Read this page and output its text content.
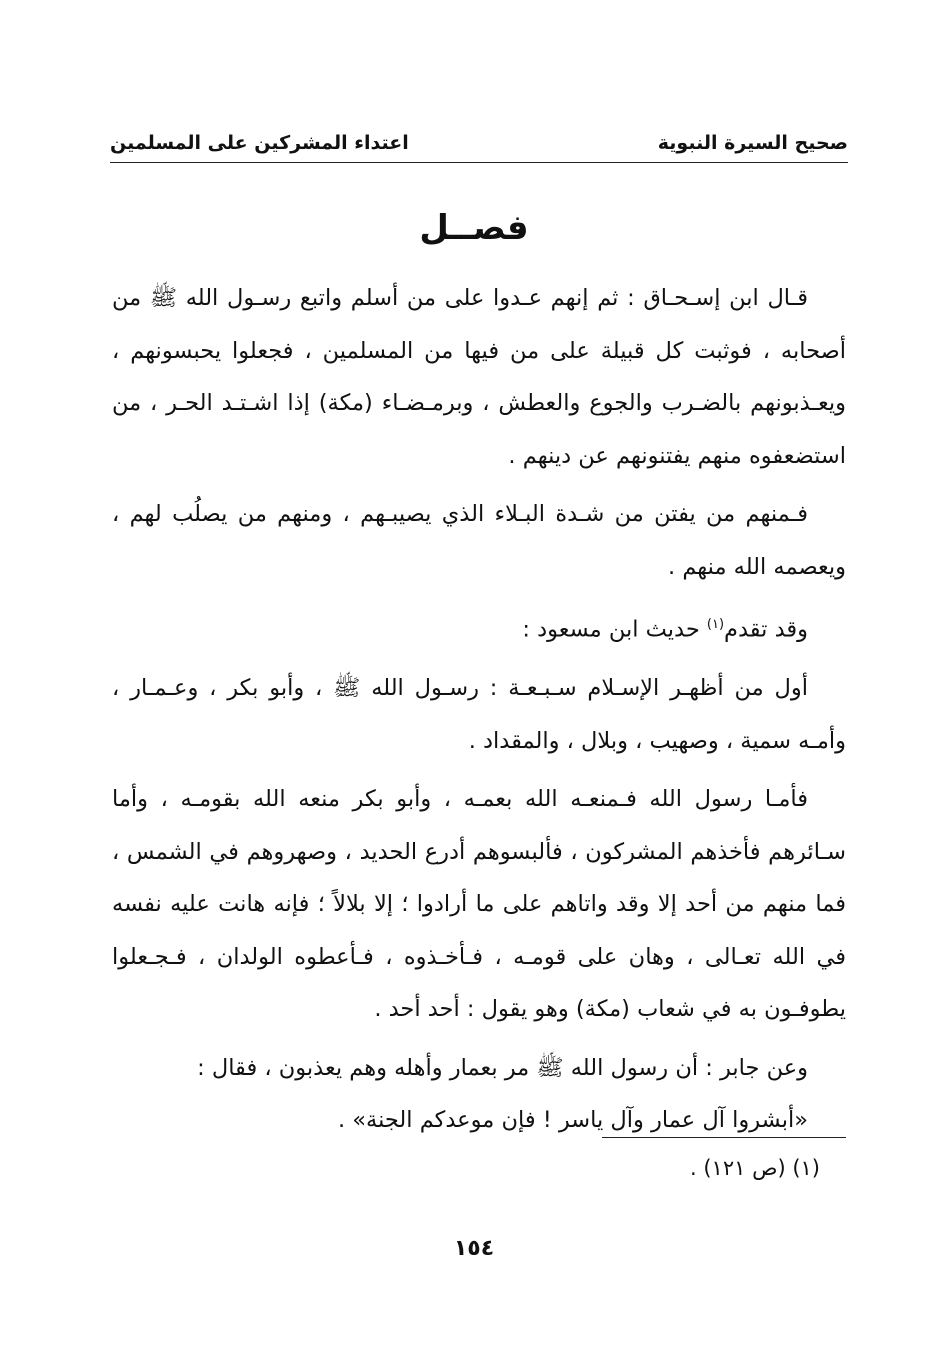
صحيح السيرة النبوية
اعتداء المشركين على المسلمين
فصــل

قـال ابن إسـحـاق : ثم إنهم عـدوا على من أسلم واتبع رسـول الله ﷺ من أصحابه ، فوثبت كل قبيلة على من فيها من المسلمين ، فجعلوا يحبسونهم ، ويعـذبونهم بالضـرب والجوع والعطش ، وبرمـضـاء (مكة) إذا اشـتـد الحـر ، من استضعفوه منهم يفتنونهم عن دينهم .

فـمنهم من يفتن من شـدة البـلاء الذي يصيبـهم ، ومنهم من يصلُب لهم ، ويعصمه الله منهم .

وقد تقدم$^{(١)}$ حديث ابن مسعود :

أول من أظهـر الإسـلام سـبـعـة : رسـول الله ﷺ ، وأبو بكر ، وعـمـار ، وأمـه سمية ، وصهيب ، وبلال ، والمقداد .

فأمـا رسول الله فـمنعـه الله بعمـه ، وأبو بكر منعه الله بقومـه ، وأما سـائرهم فأخذهم المشركون ، فألبسوهم أدرع الحديد ، وصهروهم في الشمس ، فما منهم من أحد إلا وقد واتاهم على ما أرادوا ؛ إلا بلالاً ؛ فإنه هانت عليه نفسه في الله تعـالى ، وهان على قومـه ، فـأخـذوه ، فـأعطوه الولدان ، فـجـعلوا يطوفـون به في شعاب (مكة) وهو يقول : أحد أحد .

وعن جابر : أن رسول الله ﷺ مر بعمار وأهله وهم يعذبون ، فقال :

«أبشروا آل عمار وآل ياسر ! فإن موعدكم الجنة» .

(١) (ص ١٢١) .
١٥٤
